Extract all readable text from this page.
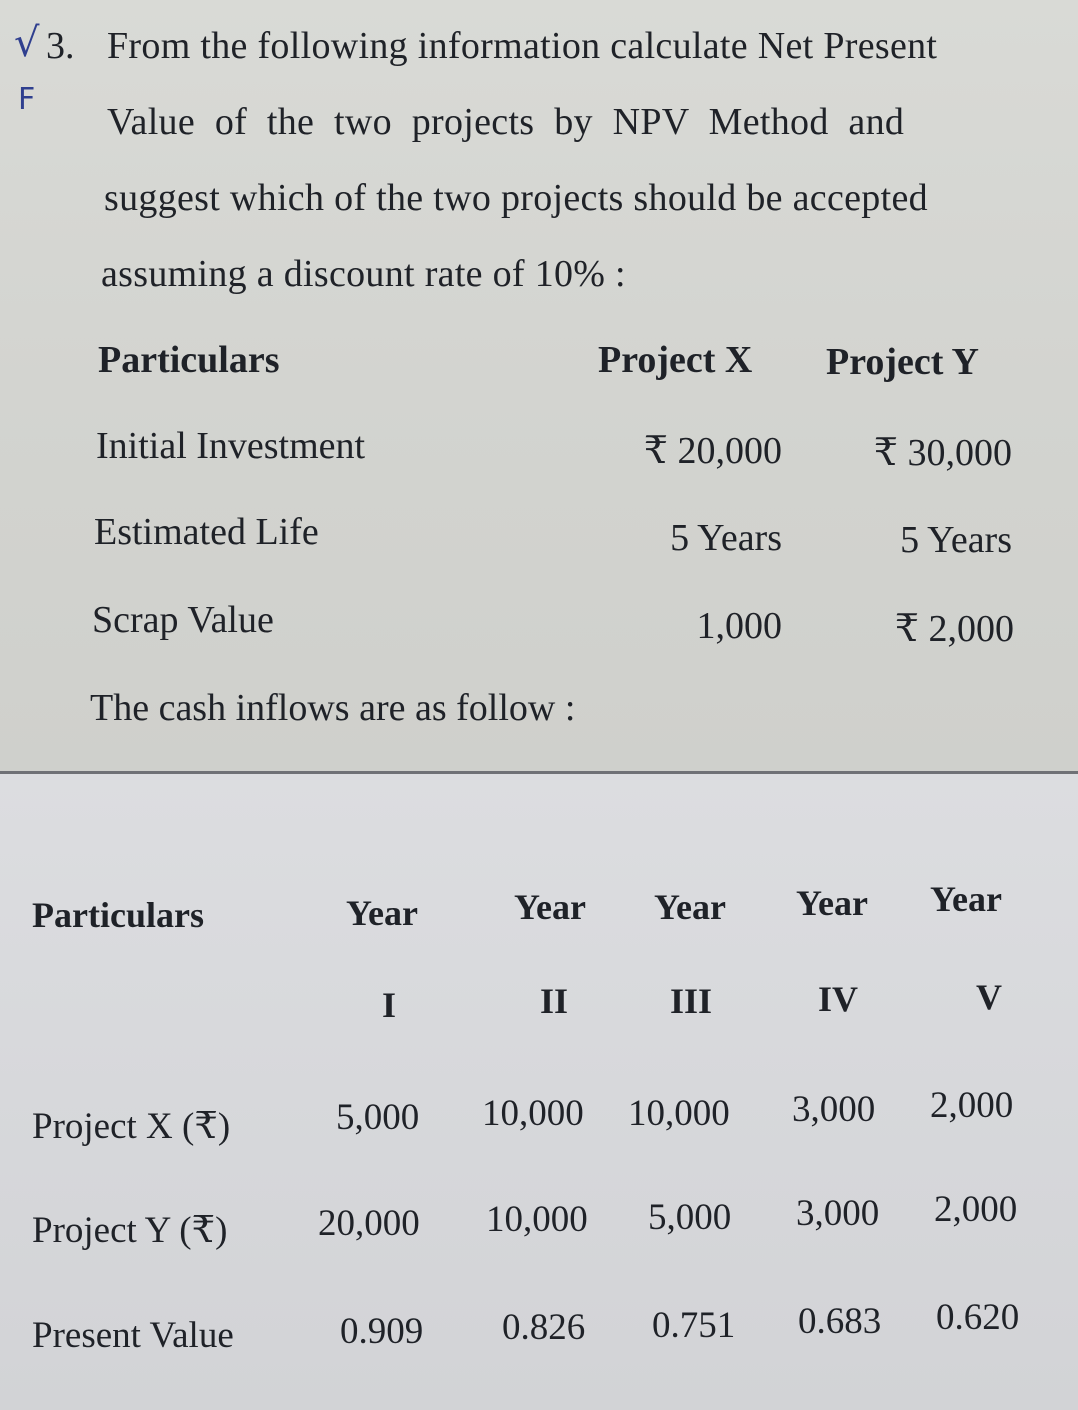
√
F
3. From the following information calculate Net Present
Value of the two projects by NPV Method and
suggest which of the two projects should be accepted
assuming a discount rate of 10% :
Particulars	Project X Project Y
Initial Investment	₹ 20,000	₹ 30,000
Estimated Life	5 Years	5 Years
Scrap Value	1,000	₹ 2,000
The cash inflows are as follow :
Particulars	Year	Year Year Year Year
I	II	III	IV	V
Project X (₹)	5,000 10,000 10,000 3,000 2,000
Project Y (₹) 20,000 10,000 5,000 3,000 2,000
Present Value	0.909 0.826 0.751 0.683 0.620
